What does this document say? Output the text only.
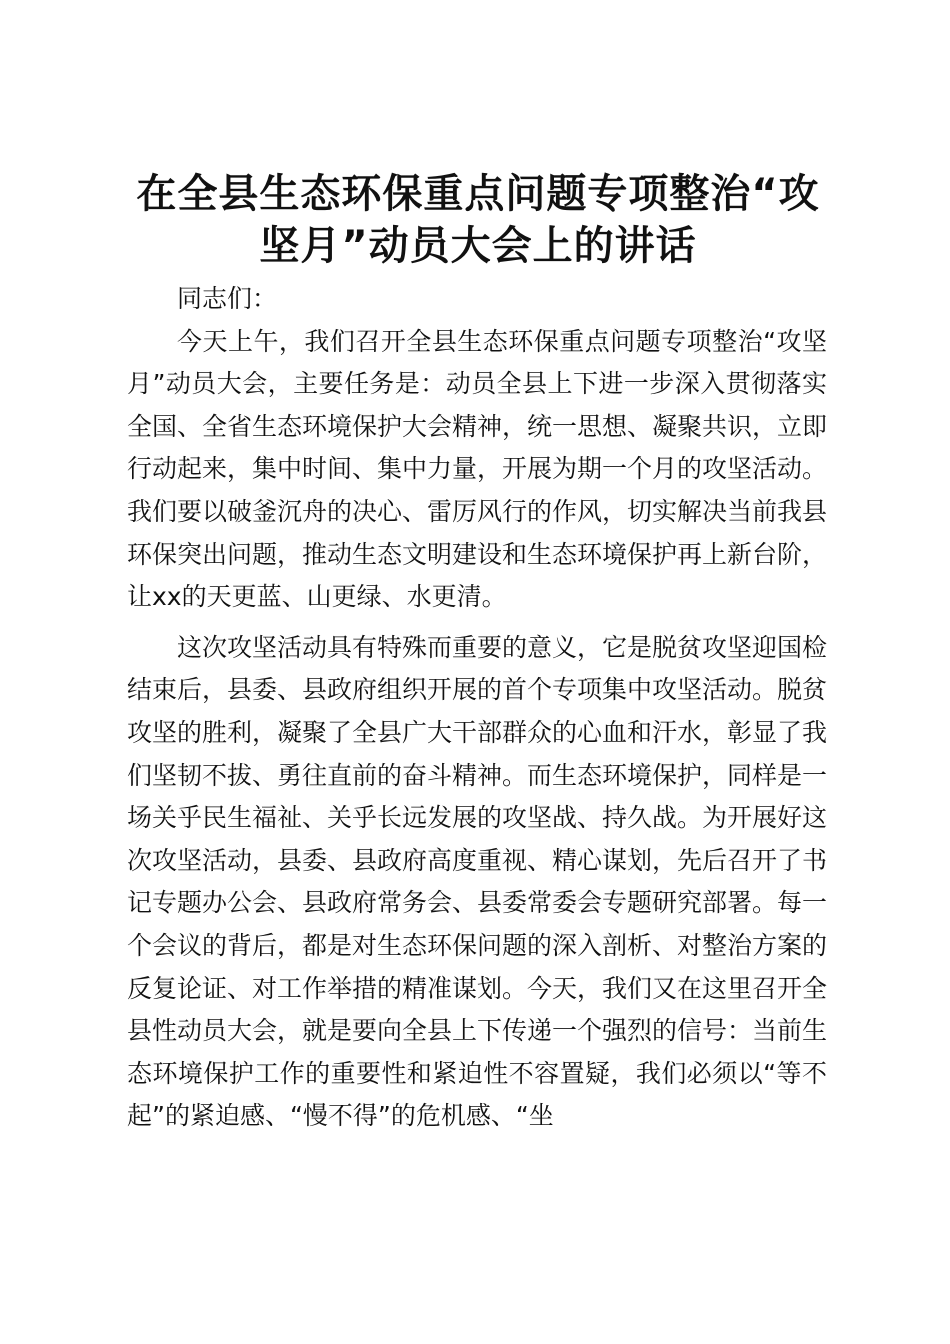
在全县生态环保重点问题专项整治“攻坚月”动员大会上的讲话

同志们：

今天上午，我们召开全县生态环保重点问题专项整治“攻坚月”动员大会，主要任务是：动员全县上下进一步深入贯彻落实全国、全省生态环境保护大会精神，统一思想、凝聚共识，立即行动起来，集中时间、集中力量，开展为期一个月的攻坚活动。我们要以破釜沉舟的决心、雷厉风行的作风，切实解决当前我县环保突出问题，推动生态文明建设和生态环境保护再上新台阶，让xx的天更蓝、山更绿、水更清。

这次攻坚活动具有特殊而重要的意义，它是脱贫攻坚迎国检结束后，县委、县政府组织开展的首个专项集中攻坚活动。脱贫攻坚的胜利，凝聚了全县广大干部群众的心血和汗水，彰显了我们坚韧不拔、勇往直前的奋斗精神。而生态环境保护，同样是一场关乎民生福祉、关乎长远发展的攻坚战、持久战。为开展好这次攻坚活动，县委、县政府高度重视、精心谋划，先后召开了书记专题办公会、县政府常务会、县委常委会专题研究部署。每一个会议的背后，都是对生态环保问题的深入剖析、对整治方案的反复论证、对工作举措的精准谋划。今天，我们又在这里召开全县性动员大会，就是要向全县上下传递一个强烈的信号：当前生态环境保护工作的重要性和紧迫性不容置疑，我们必须以“等不起”的紧迫感、“慢不得”的危机感、“坐
